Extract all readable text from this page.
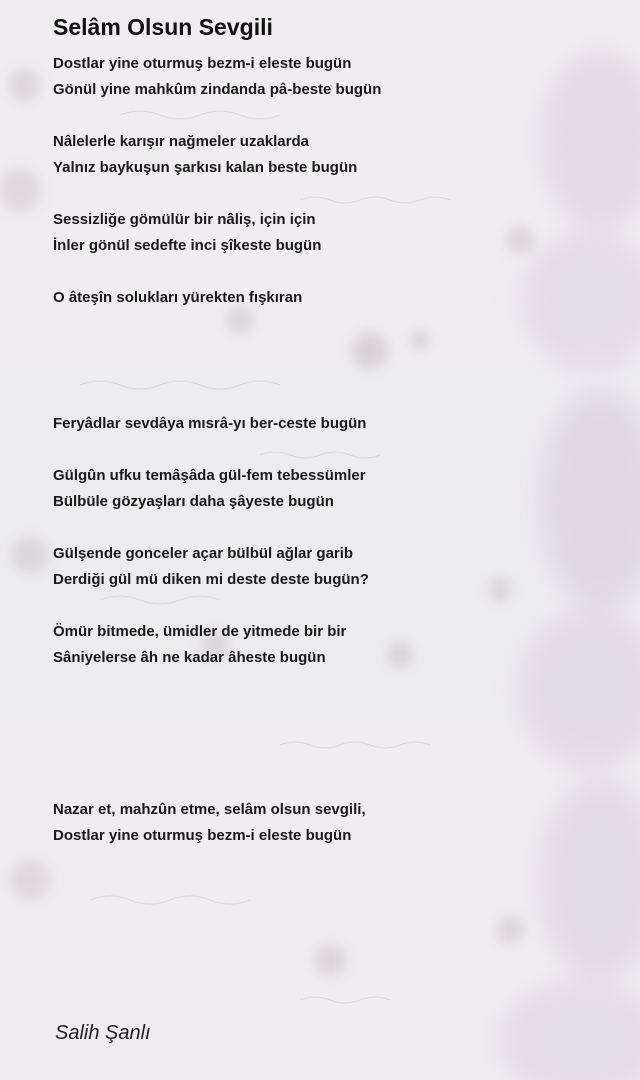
Selâm Olsun Sevgili

Dostlar yine oturmuş bezm-i eleste bugün

Gönül yine mahkûm zindanda pâ-beste bugün

Nâlelerle karışır nağmeler uzaklarda

Yalnız baykuşun şarkısı kalan beste bugün

Sessizliğe gömülür bir nâliş, için için

İnler gönül sedefte inci şîkeste bugün

O âteşîn solukları yürekten fışkıran

Feryâdlar sevdâya mısrâ-yı ber-ceste bugün

Gülgûn ufku temâşâda gül-fem tebessümler

Bülbüle gözyaşları daha şâyeste bugün

Gülşende gonceler açar bülbül ağlar garib

Derdiği gül mü diken mi deste deste bugün?

Ömür bitmede, ümidler de yitmede bir bir

Sâniyelerse âh ne kadar âheste bugün

Nazar et, mahzûn etme, selâm olsun sevgili,

Dostlar yine oturmuş bezm-i eleste bugün

Salih Şanlı
